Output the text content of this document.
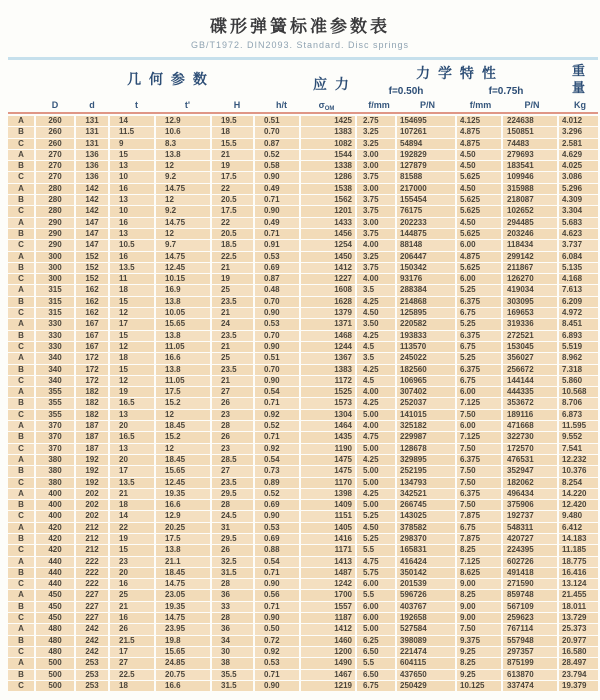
碟形弹簧标准参数表
GB/T1972. DIN2093. Standard. Disc springs
几 何 参 数	应 力
力 学 特 性
f=0.50h	f=0.75h
重
量
D	d	t	t'	H	h/t	$\sigma_{OM}$	f/mm	P/N	f/mm	P/N	Kg
A	260	131	14	12.9	19.5	0.51	1425	2.75	154695	4.125	224638	4.012
B	260	131	11.5	10.6	18	0.70	1383	3.25	107261	4.875	150851	3.296
C	260	131	9	8.3	15.5	0.87	1082	3.25	54894	4.875	74483	2.581
A	270	136	15	13.8	21	0.52	1544	3.00	192829	4.50	279693	4.629
B	270	136	13	12	19	0.58	1338	3.00	127879	4.50	183541	4.025
C	270	136	10	9.2	17.5	0.90	1286	3.75	81588	5.625	109946	3.086
A	280	142	16	14.75	22	0.49	1538	3.00	217000	4.50	315988	5.296
B	280	142	13	12	20.5	0.71	1562	3.75	155454	5.625	218087	4.309
C	280	142	10	9.2	17.5	0.90	1201	3.75	76175	5.625	102652	3.304
A	290	147	16	14.75	22	0.49	1433	3.00	202233	4.50	294485	5.683
B	290	147	13	12	20.5	0.71	1456	3.75	144875	5.625	203246	4.623
C	290	147	10.5	9.7	18.5	0.91	1254	4.00	88148	6.00	118434	3.737
A	300	152	16	14.75	22.5	0.53	1450	3.25	206447	4.875	299142	6.084
B	300	152	13.5	12.45	21	0.69	1412	3.75	150342	5.625	211867	5.135
C	300	152	11	10.15	19	0.87	1227	4.00	93176	6.00	126270	4.168
A	315	162	18	16.9	25	0.48	1608	3.5	288384	5.25	419034	7.613
B	315	162	15	13.8	23.5	0.70	1628	4.25	214868	6.375	303095	6.209
C	315	162	12	10.05	21	0.90	1379	4.50	125895	6.75	169653	4.972
A	330	167	17	15.65	24	0.53	1371	3.50	220582	5.25	319336	8.451
B	330	167	15	13.8	23.5	0.70	1468	4.25	193833	6.375	272521	6.893
C	330	167	12	11.05	21	0.90	1244	4.5	113570	6.75	153045	5.519
A	340	172	18	16.6	25	0.51	1367	3.5	245022	5.25	356027	8.962
B	340	172	15	13.8	23.5	0.70	1383	4.25	182560	6.375	256672	7.318
C	340	172	12	11.05	21	0.90	1172	4.5	106965	6.75	144144	5.860
A	355	182	19	17.5	27	0.54	1525	4.00	307402	6.00	444335	10.568
B	355	182	16.5	15.2	26	0.71	1573	4.25	252037	7.125	353672	8.706
C	355	182	13	12	23	0.92	1304	5.00	141015	7.50	189116	6.873
A	370	187	20	18.45	28	0.52	1464	4.00	325182	6.00	471668	11.595
B	370	187	16.5	15.2	26	0.71	1435	4.75	229987	7.125	322730	9.552
C	370	187	13	12	23	0.92	1190	5.00	128678	7.50	172570	7.541
A	380	192	20	18.45	28.5	0.54	1475	4.25	329895	6.375	476531	12.232
B	380	192	17	15.65	27	0.73	1475	5.00	252195	7.50	352947	10.376
C	380	192	13.5	12.45	23.5	0.89	1170	5.00	134793	7.50	182062	8.254
A	400	202	21	19.35	29.5	0.52	1398	4.25	342521	6.375	496434	14.220
B	400	202	18	16.6	28	0.69	1409	5.00	266745	7.50	375906	12.420
C	400	202	14	12.9	24.5	0.90	1151	5.25	143025	7.875	192737	9.480
A	420	212	22	20.25	31	0.53	1405	4.50	378582	6.75	548311	6.412
B	420	212	19	17.5	29.5	0.69	1416	5.25	298370	7.875	420727	14.183
C	420	212	15	13.8	26	0.88	1171	5.5	165831	8.25	224395	11.185
A	440	222	23	21.1	32.5	0.54	1413	4.75	416424	7.125	602726	18.775
B	440	222	20	18.45	31.5	0.71	1487	5.75	350142	8.625	491418	16.416
C	440	222	16	14.75	28	0.90	1242	6.00	201539	9.00	271590	13.124
A	450	227	25	23.05	36	0.56	1700	5.5	596726	8.25	859748	21.455
B	450	227	21	19.35	33	0.71	1557	6.00	403767	9.00	567109	18.011
C	450	227	16	14.75	28	0.90	1187	6.00	192658	9.00	259623	13.729
A	480	242	26	23.95	36	0.50	1412	5.00	527584	7.50	767114	25.373
B	480	242	21.5	19.8	34	0.72	1460	6.25	398089	9.375	557948	20.977
C	480	242	17	15.65	30	0.92	1200	6.50	221474	9.25	297357	16.580
A	500	253	27	24.85	38	0.53	1490	5.5	604115	8.25	875199	28.497
B	500	253	22.5	20.75	35.5	0.71	1467	6.50	437650	9.25	613870	23.794
C	500	253	18	16.6	31.5	0.90	1219	6.75	250429	10.125	337474	19.379
